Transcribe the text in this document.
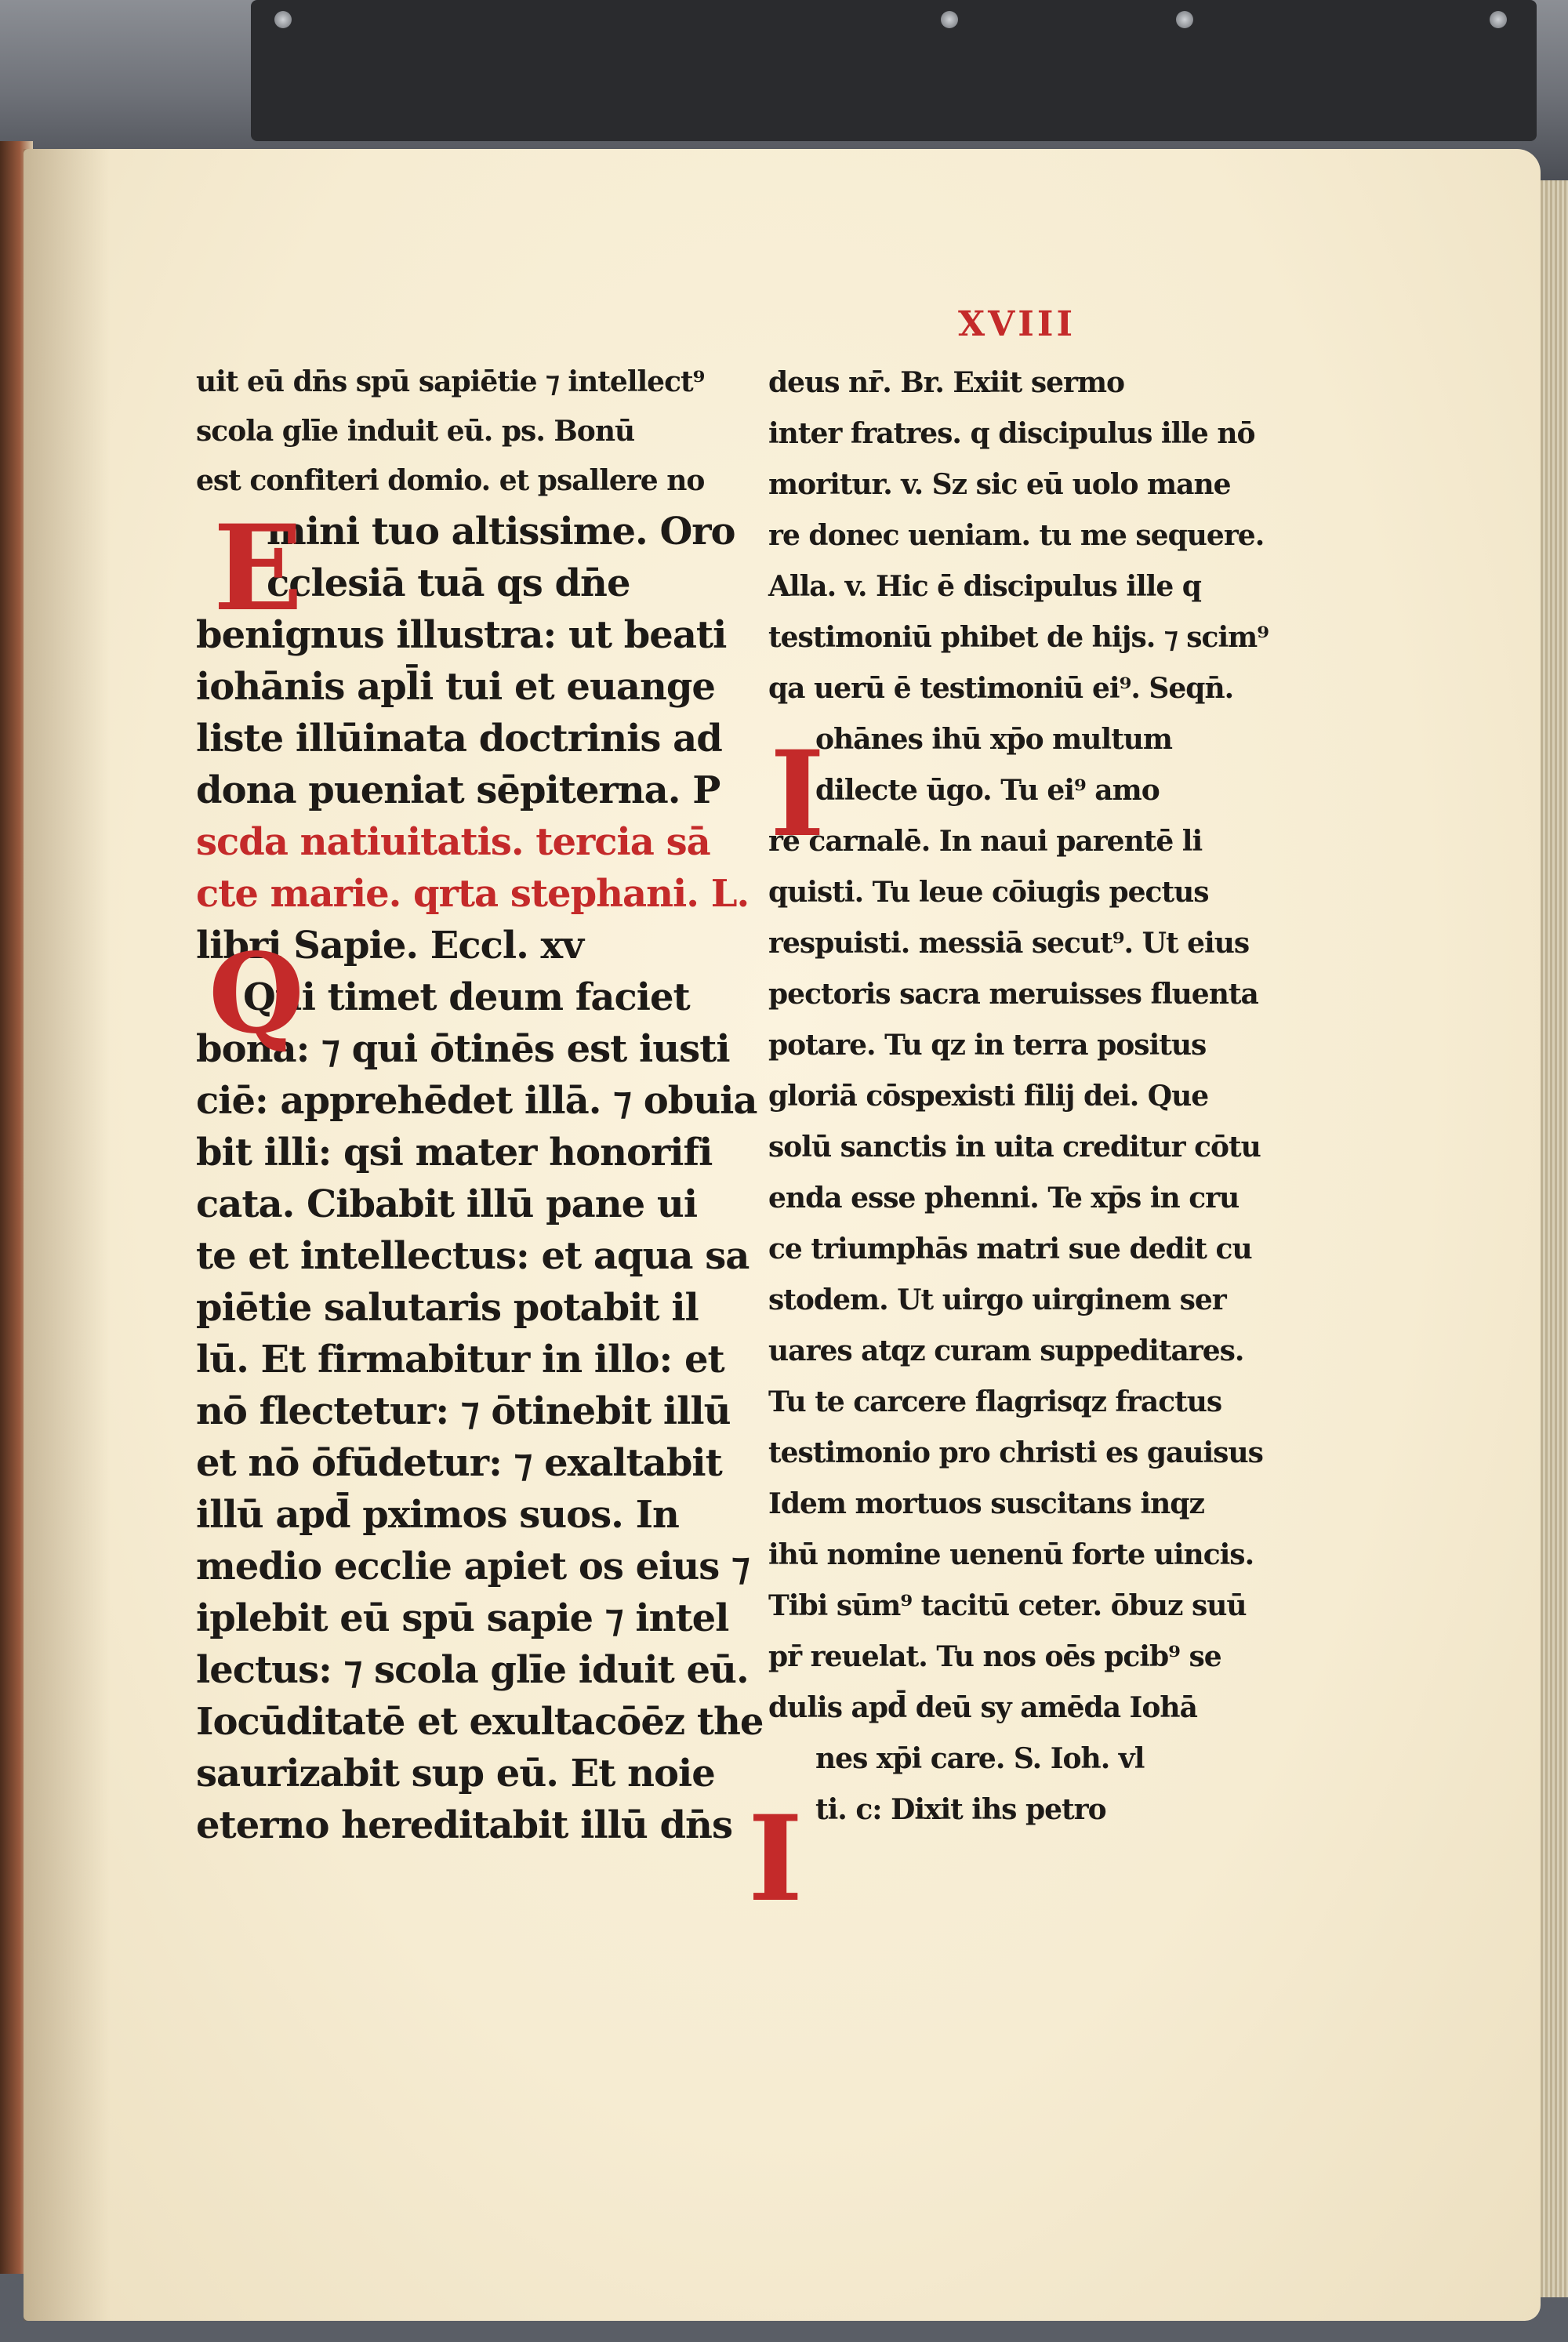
XVIII
uit eū dn̄s spū sapiētie ⁊ intellect⁹
scola glīe induit eū. ps. Bonū
est confiteri domio. et psallere no
mini tuo altissime. Oro
cclesiā tuā qs dn̄e
benignus illustra: ut beati
iohānis apl̄i tui et euange
liste illūinata doctrinis ad
dona pueniat sēpiterna. P
scda natiuitatis. tercia sā
cte marie. qrta stephani. L.
libri Sapie. Eccl. xv
Qui timet deum faciet
bona: ⁊ qui ōtinēs est iusti
ciē: apprehēdet illā. ⁊ obuia
bit illi: qsi mater honorifi
cata. Cibabit illū pane ui
te et intellectus: et aqua sa
piētie salutaris potabit il
lū. Et firmabitur in illo: et
nō flectetur: ⁊ ōtinebit illū
et nō ōfūdetur: ⁊ exaltabit
illū apd̄ pximos suos. In
medio ecclie apiet os eius ⁊
iplebit eū spū sapie ⁊ intel
lectus: ⁊ scola glīe iduit eū.
Iocūditatē et exultacōēz the
saurizabit sup eū. Et noie
eterno hereditabit illū dn̄s
E
Q
deus nr̄. Br. Exiit sermo
inter fratres. q discipulus ille nō
moritur. v. Sz sic eū uolo mane
re donec ueniam. tu me sequere.
Alla. v. Hic ē discipulus ille q
testimoniū phibet de hijs. ⁊ scim⁹
qa uerū ē testimoniū ei⁹. Seqn̄.
ohānes ihū xp̄o multum
dilecte ūgo. Tu ei⁹ amo
re carnalē. In naui parentē li
quisti. Tu leue cōiugis pectus
respuisti. messiā secut⁹. Ut eius
pectoris sacra meruisses fluenta
potare. Tu qz in terra positus
gloriā cōspexisti filij dei. Que
solū sanctis in uita creditur cōtu
enda esse phenni. Te xp̄s in cru
ce triumphās matri sue dedit cu
stodem. Ut uirgo uirginem ser
uares atqz curam suppeditares.
Tu te carcere flagrisqz fractus
testimonio pro christi es gauisus
Idem mortuos suscitans inqz
ihū nomine uenenū forte uincis.
Tibi sūm⁹ tacitū ceter. ōbuz suū
pr̄ reuelat. Tu nos oēs pcib⁹ se
dulis apd̄ deū sy amēda Iohā
nes xp̄i care. S. Ioh. vl
ti. c: Dixit ihs petro
I
I
